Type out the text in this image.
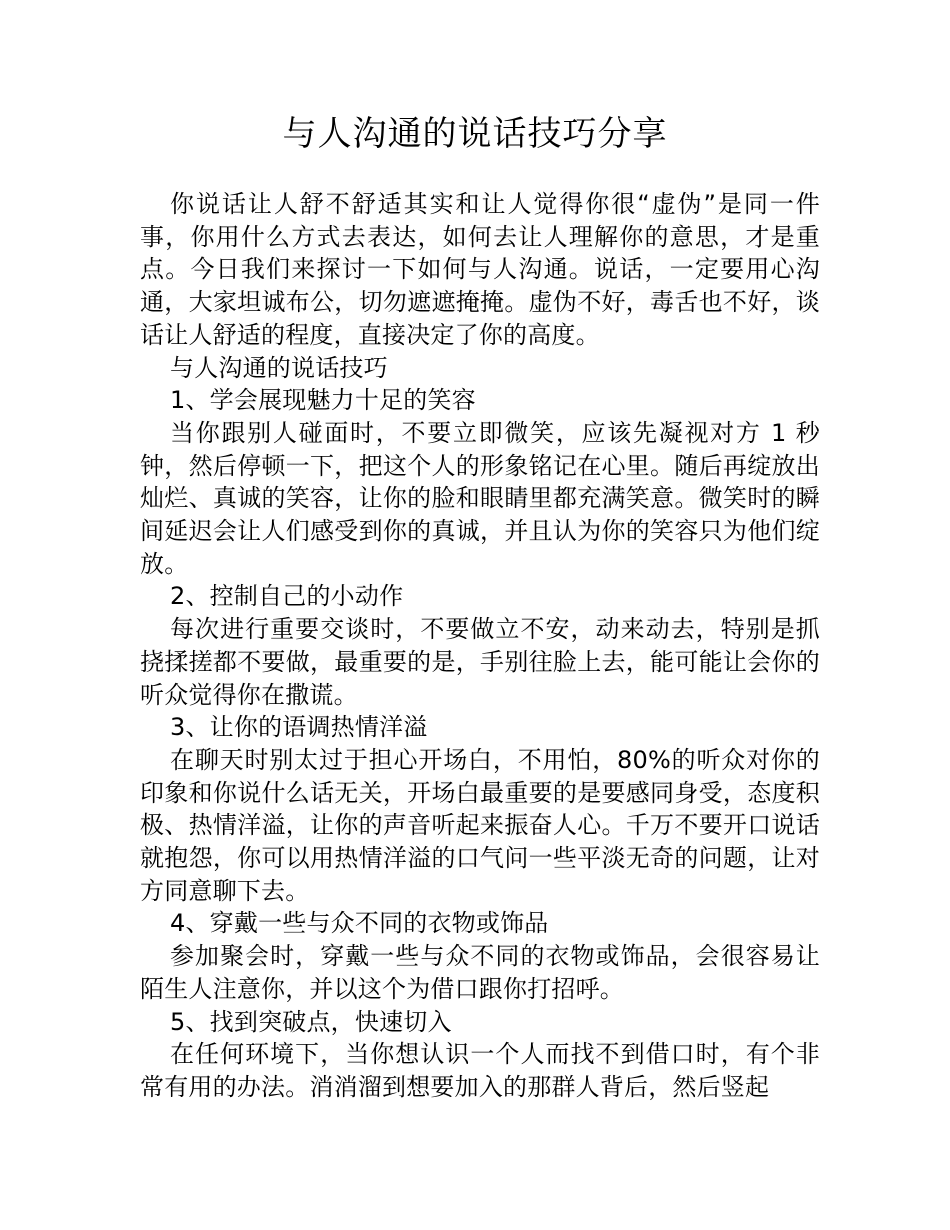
与人沟通的说话技巧分享

你说话让人舒不舒适其实和让人觉得你很“虚伪”是同一件事，你用什么方式去表达，如何去让人理解你的意思，才是重点。今日我们来探讨一下如何与人沟通。说话，一定要用心沟通，大家坦诚布公，切勿遮遮掩掩。虚伪不好，毒舌也不好，谈话让人舒适的程度，直接决定了你的高度。

与人沟通的说话技巧

1、学会展现魅力十足的笑容

当你跟别人碰面时，不要立即微笑，应该先凝视对方 1 秒钟，然后停顿一下，把这个人的形象铭记在心里。随后再绽放出灿烂、真诚的笑容，让你的脸和眼睛里都充满笑意。微笑时的瞬间延迟会让人们感受到你的真诚，并且认为你的笑容只为他们绽放。

2、控制自己的小动作

每次进行重要交谈时，不要做立不安，动来动去，特别是抓挠揉搓都不要做，最重要的是，手别往脸上去，能可能让会你的听众觉得你在撒谎。

3、让你的语调热情洋溢

在聊天时别太过于担心开场白，不用怕，80%的听众对你的印象和你说什么话无关，开场白最重要的是要感同身受，态度积极、热情洋溢，让你的声音听起来振奋人心。千万不要开口说话就抱怨，你可以用热情洋溢的口气问一些平淡无奇的问题，让对方同意聊下去。

4、穿戴一些与众不同的衣物或饰品

参加聚会时，穿戴一些与众不同的衣物或饰品，会很容易让陌生人注意你，并以这个为借口跟你打招呼。

5、找到突破点，快速切入

在任何环境下，当你想认识一个人而找不到借口时，有个非常有用的办法。消消溜到想要加入的那群人背后，然后竖起
